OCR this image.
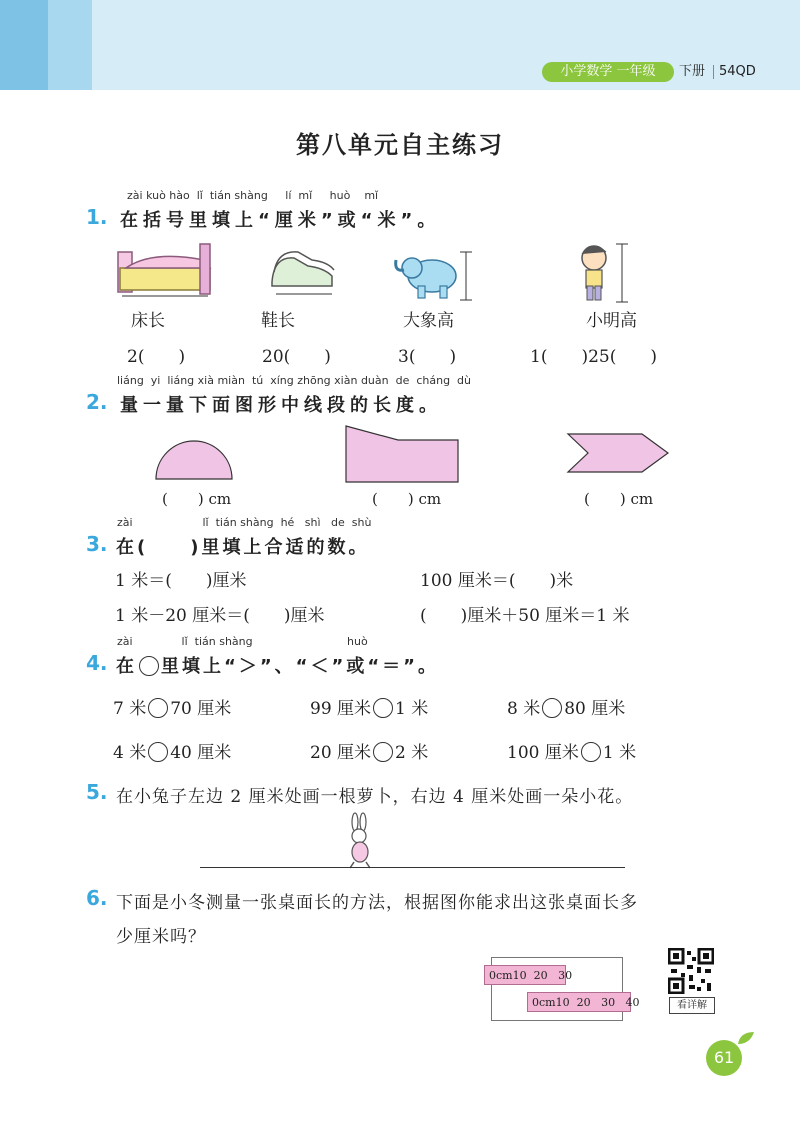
小学数学 一年级	下册 54QD
第八单元自主练习
zài kuò hào  lǐ  tián shàng     lí  mǐ     huò    mǐ
1. 在括号里填上“厘米”或“米”。
床长	鞋长	大象高	小明高
2(　　)	20(　　)	3(　　)	1(　　)25(　　)
liáng  yi  liáng xià miàn  tú  xíng zhōng xiàn duàn  de  cháng  dù
2. 量一量下面图形中线段的长度。
(　　) cm	(　　) cm	(　　) cm
zài                    lǐ  tián shàng  hé   shì   de  shù
3. 在(　　)里填上合适的数。
1 米＝(　　)厘米	100 厘米＝(　　)米
1 米－20 厘米＝(　　)厘米	(　　)厘米＋50 厘米＝1 米
zài              lǐ  tián shàng                           huò
4. 在 里填上“＞”、“＜”或“＝”。
7 米 70 厘米	99 厘米 1 米	8 米 80 厘米
4 米 40 厘米	20 厘米 2 米	100 厘米 1 米
5. 在小兔子左边 2 厘米处画一根萝卜，右边 4 厘米处画一朵小花。
6. 下面是小冬测量一张桌面长的方法，根据图你能求出这张桌面长多
少厘米吗？
0cm10  20   30
0cm10  20   30   40	看详解
61
